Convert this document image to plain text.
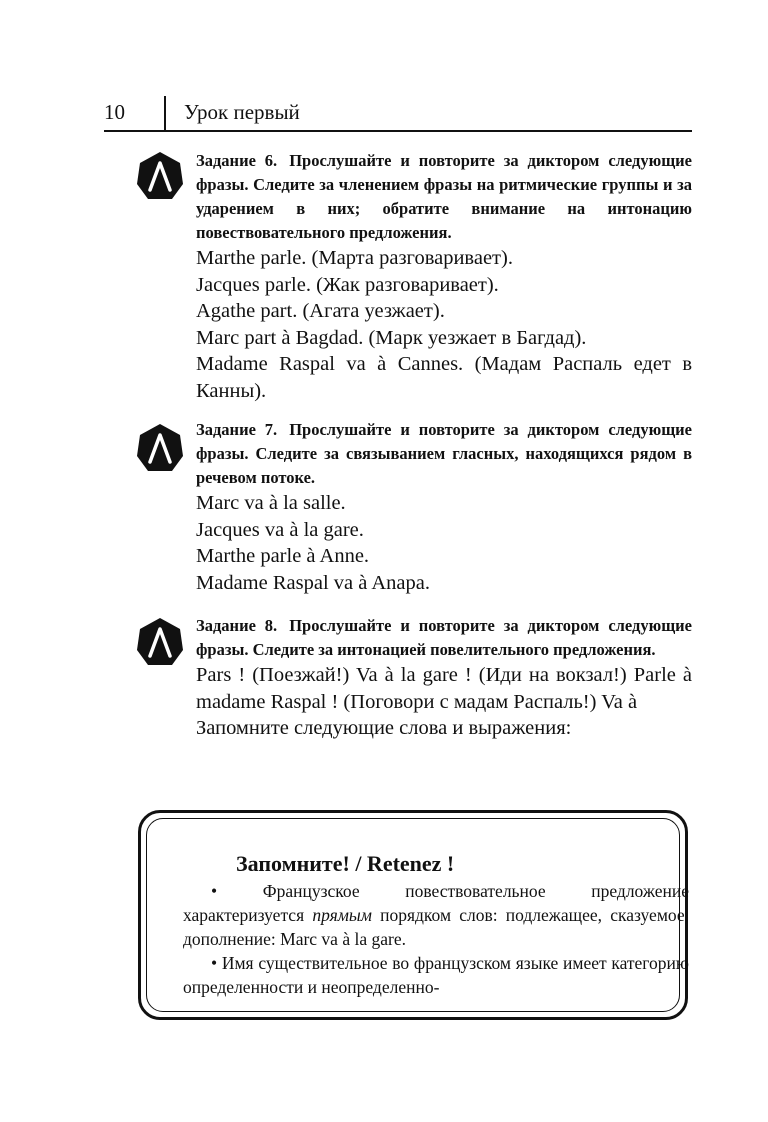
10	Урок первый
Задание 6. Прослушайте и повторите за диктором следующие фразы. Следите за членением фразы на ритмические группы и за ударением в них; обратите внимание на интонацию повествовательного предложения.
Marthe parle. (Марта разговаривает).
Jacques parle. (Жак разговаривает).
Agathe part. (Агата уезжает).
Marc part à Bagdad. (Марк уезжает в Багдад).
Madame Raspal va à Cannes. (Мадам Распаль едет в Канны).
Задание 7. Прослушайте и повторите за диктором следующие фразы. Следите за связыванием гласных, находящихся рядом в речевом потоке.
Marc va à la salle.
Jacques va à la gare.
Marthe parle à Anne.
Madame Raspal va à Anapa.
Задание 8. Прослушайте и повторите за диктором следующие фразы. Следите за интонацией повелительного предложения.
Pars ! (Поезжай!) Va à la gare ! (Иди на вокзал!) Parle à madame Raspal ! (Поговори с мадам Распаль!) Va à
Запомните следующие слова и выражения:
Запомните! / Retenez !

• Французское повествовательное предложение характеризуется прямым порядком слов: подлежащее, сказуемое, дополнение: Marc va à la gare.

• Имя существительное во французском языке имеет категорию определенности и неопределенно-
